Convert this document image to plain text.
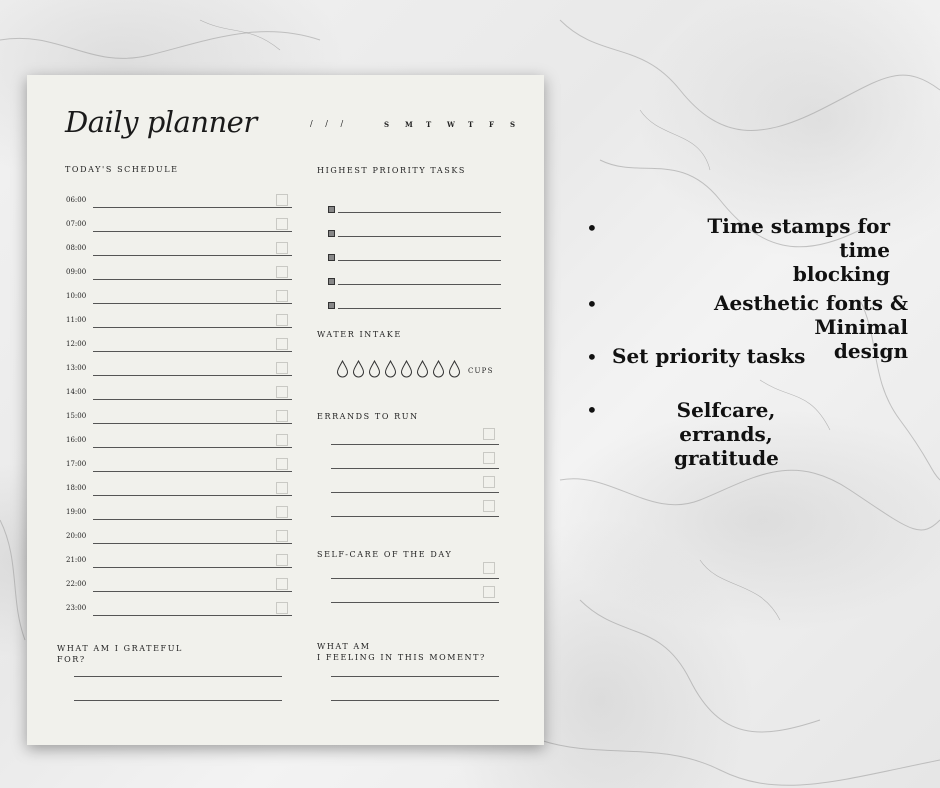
Daily planner	/ / /	S	M	T	W	T	F	S
TODAY'S SCHEDULE
06:00
07:00
08:00
09:00
10:00
11:00
12:00
13:00
14:00
15:00
16:00
17:00
18:00
19:00
20:00
21:00
22:00
23:00
HIGHEST PRIORITY TASKS
WATER INTAKE
CUPS
ERRANDS TO RUN
SELF-CARE OF THE DAY
WHAT AM I GRATEFUL
FOR?
WHAT AM
I FEELING IN THIS MOMENT?
•	Time stamps for time
blocking
•	Aesthetic fonts & Minimal
design
• Set priority tasks
•	Selfcare,
errands,
gratitude
